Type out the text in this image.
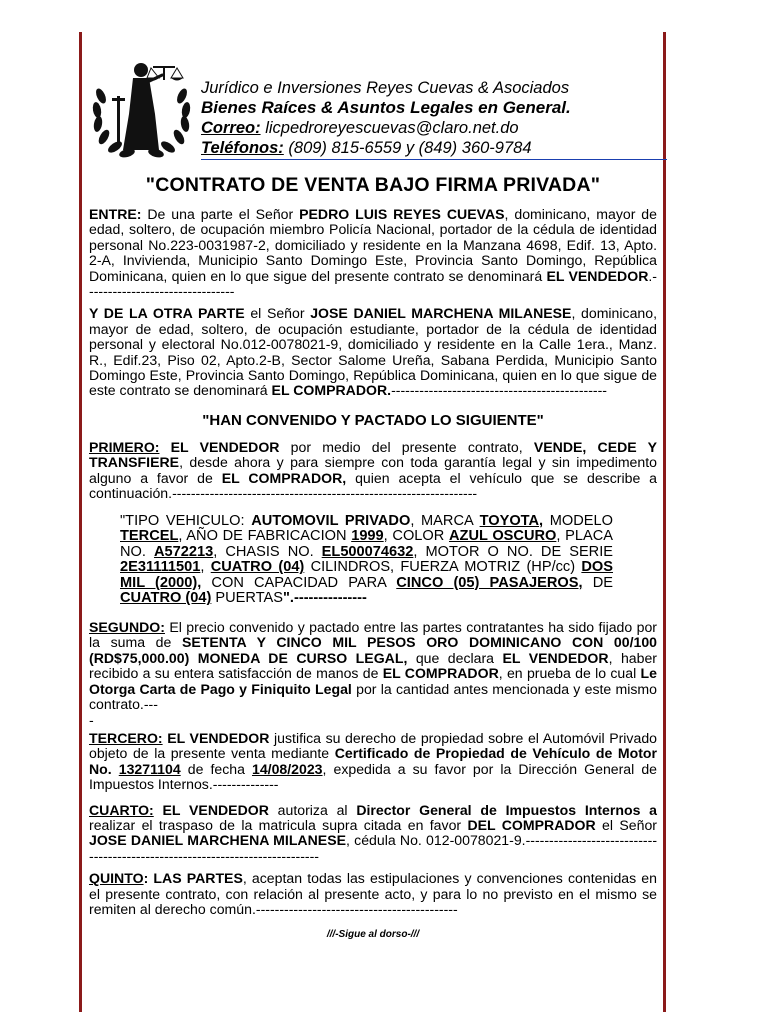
Jurídico e Inversiones Reyes Cuevas & Asociados
Bienes Raíces & Asuntos Legales en General.
Correo: licpedroreyescuevas@claro.net.do
Teléfonos: (809) 815-6559 y (849) 360-9784
"CONTRATO DE VENTA BAJO FIRMA PRIVADA"

ENTRE: De una parte el Señor PEDRO LUIS REYES CUEVAS, dominicano, mayor de edad, soltero, de ocupación miembro Policía Nacional, portador de la cédula de identidad personal No.223-0031987-2, domiciliado y residente en la Manzana 4698, Edif. 13, Apto. 2-A, Invivienda, Municipio Santo Domingo Este, Provincia Santo Domingo, República Dominicana, quien en lo que sigue del presente contrato se denominará EL VENDEDOR.--------------------------------

Y DE LA OTRA PARTE el Señor JOSE DANIEL MARCHENA MILANESE, dominicano, mayor de edad, soltero, de ocupación estudiante, portador de la cédula de identidad personal y electoral No.012-0078021-9, domiciliado y residente en la Calle 1era., Manz. R., Edif.23, Piso 02, Apto.2-B, Sector Salome Ureña, Sabana Perdida, Municipio Santo Domingo Este, Provincia Santo Domingo, República Dominicana, quien en lo que sigue de este contrato se denominará EL COMPRADOR.----------------------------------------------

"HAN CONVENIDO Y PACTADO LO SIGUIENTE"

PRIMERO: EL VENDEDOR por medio del presente contrato, VENDE, CEDE Y TRANSFIERE, desde ahora y para siempre con toda garantía legal y sin impedimento alguno a favor de EL COMPRADOR, quien acepta el vehículo que se describe a continuación.-----------------------------------------------------------------

"TIPO VEHICULO: AUTOMOVIL PRIVADO, MARCA TOYOTA, MODELO TERCEL, AÑO DE FABRICACION 1999, COLOR AZUL OSCURO, PLACA NO. A572213, CHASIS NO. EL500074632, MOTOR O NO. DE SERIE 2E31111501, CUATRO (04) CILINDROS, FUERZA MOTRIZ (HP/cc) DOS MIL (2000), CON CAPACIDAD PARA CINCO (05) PASAJEROS, DE CUATRO (04) PUERTAS".---------------

SEGUNDO: El precio convenido y pactado entre las partes contratantes ha sido fijado por la suma de SETENTA Y CINCO MIL PESOS ORO DOMINICANO CON 00/100 (RD$75,000.00) MONEDA DE CURSO LEGAL, que declara EL VENDEDOR, haber recibido a su entera satisfacción de manos de EL COMPRADOR, en prueba de lo cual Le Otorga Carta de Pago y Finiquito Legal por la cantidad antes mencionada y este mismo contrato.---
-

TERCERO: EL VENDEDOR justifica su derecho de propiedad sobre el Automóvil Privado objeto de la presente venta mediante Certificado de Propiedad de Vehículo de Motor No. 13271104 de fecha 14/08/2023, expedida a su favor por la Dirección General de Impuestos Internos.--------------

CUARTO: EL VENDEDOR autoriza al Director General de Impuestos Internos a realizar el traspaso de la matricula supra citada en favor DEL COMPRADOR el Señor JOSE DANIEL MARCHENA MILANESE, cédula No. 012-0078021-9.-----------------------------------------------------------------------------

QUINTO: LAS PARTES, aceptan todas las estipulaciones y convenciones contenidas en el presente contrato, con relación al presente acto, y para lo no previsto en el mismo se remiten al derecho común.-------------------------------------------

///-Sigue al dorso-///
